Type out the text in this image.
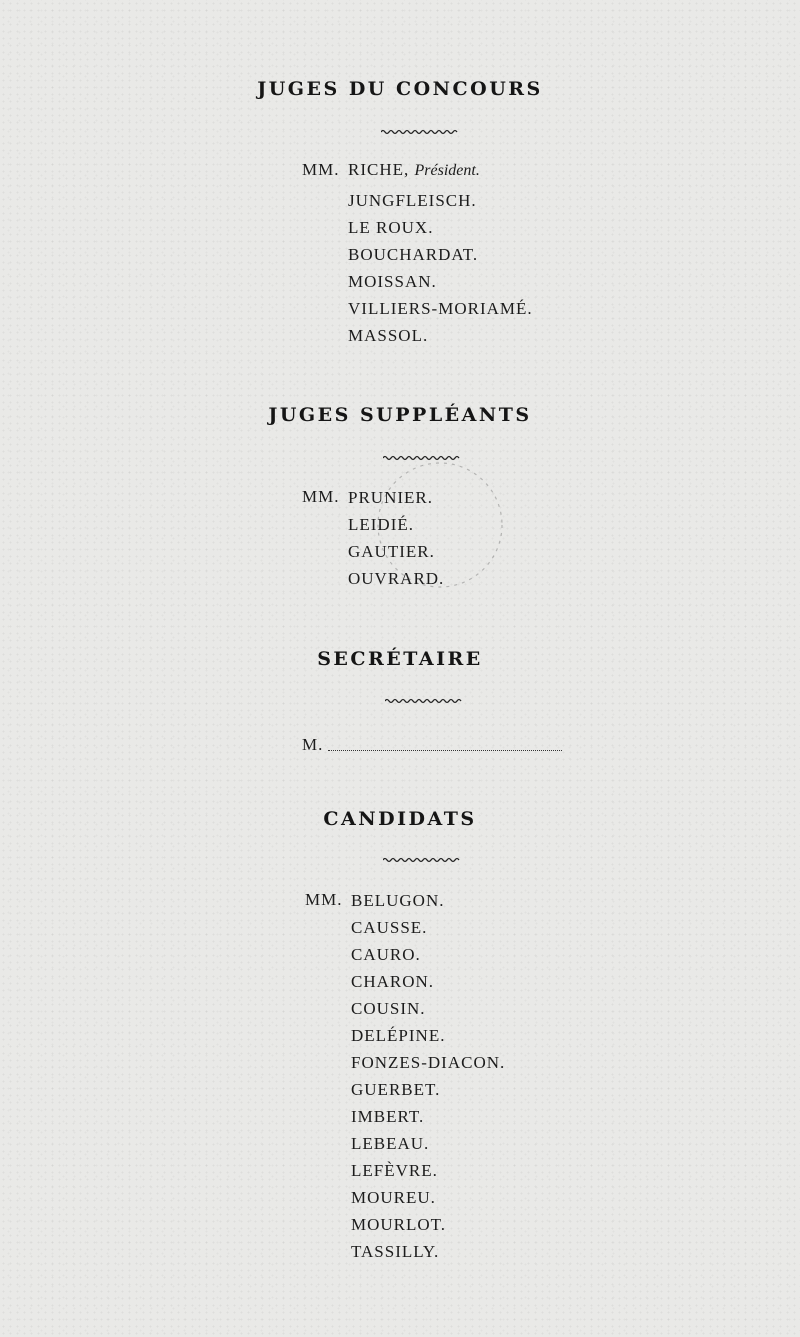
JUGES DU CONCOURS
MM. RICHE, Président.
JUNGFLEISCH.
LE ROUX.
BOUCHARDAT.
MOISSAN.
VILLIERS-MORIAMÉ.
MASSOL.
JUGES SUPPLÉANTS
MM. PRUNIER.
LEIDIÉ.
GAUTIER.
OUVRARD.
SECRÉTAIRE
M.
CANDIDATS
MM. BELUGON.
CAUSSE.
CAURO.
CHARON.
COUSIN.
DELÉPINE.
FONZES-DIACON.
GUERBET.
IMBERT.
LEBEAU.
LEFÈVRE.
MOUREU.
MOURLOT.
TASSILLY.
